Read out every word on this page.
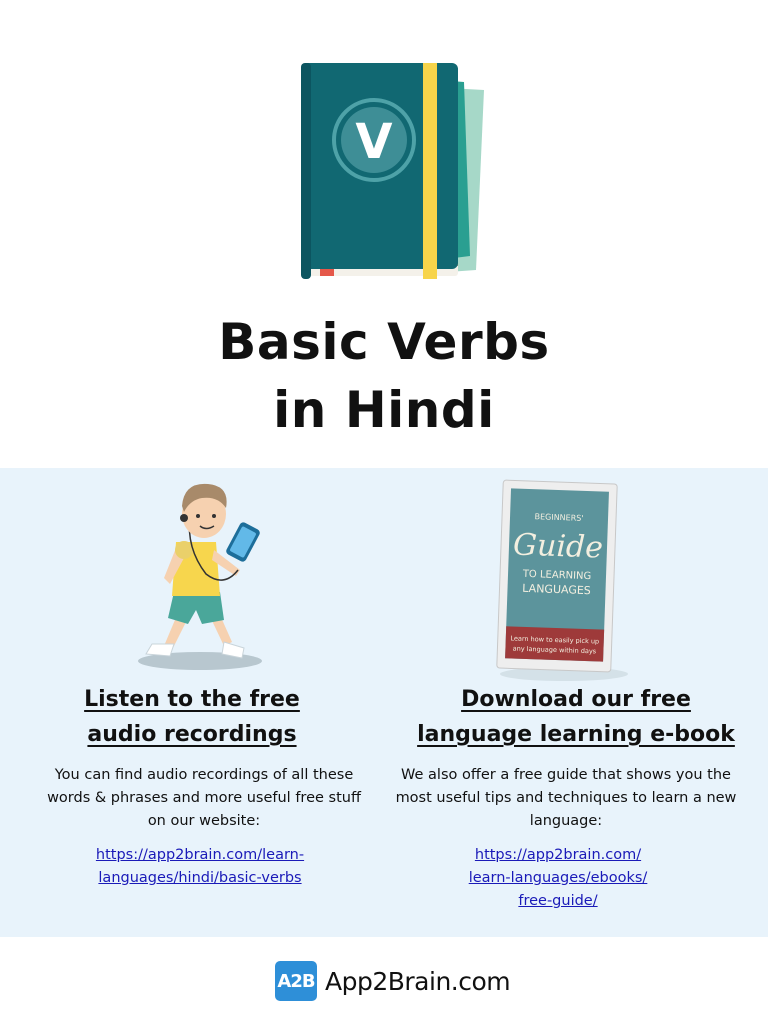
V
Basic Verbs
in Hindi
Listen to the free
audio recordings
You can find audio recordings of all these words & phrases and more useful free stuff on our website:
https://app2brain.com/learn-
languages/hindi/basic-verbs
BEGINNERS'
Guide
TO LEARNING
LANGUAGES
Learn how to easily pick up
any language within days
Download our free
language learning e-book
We also offer a free guide that shows you the most useful tips and techniques to learn a new language:
https://app2brain.com/
learn-languages/ebooks/
free-guide/
A2B App2Brain.com
